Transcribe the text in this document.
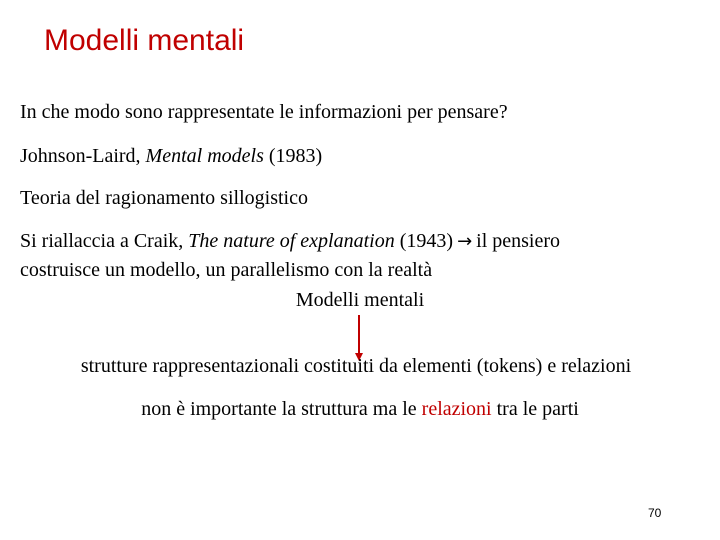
Modelli mentali
In che modo sono rappresentate le informazioni per pensare?
Johnson-Laird, Mental models (1983)
Teoria del ragionamento sillogistico
Si riallaccia a Craik, The nature of explanation (1943) → il pensiero
costruisce un modello, un parallelismo con la realtà
Modelli mentali
strutture rappresentazionali costituiti da elementi (tokens) e relazioni
non è importante la struttura ma le relazioni tra le parti
70
